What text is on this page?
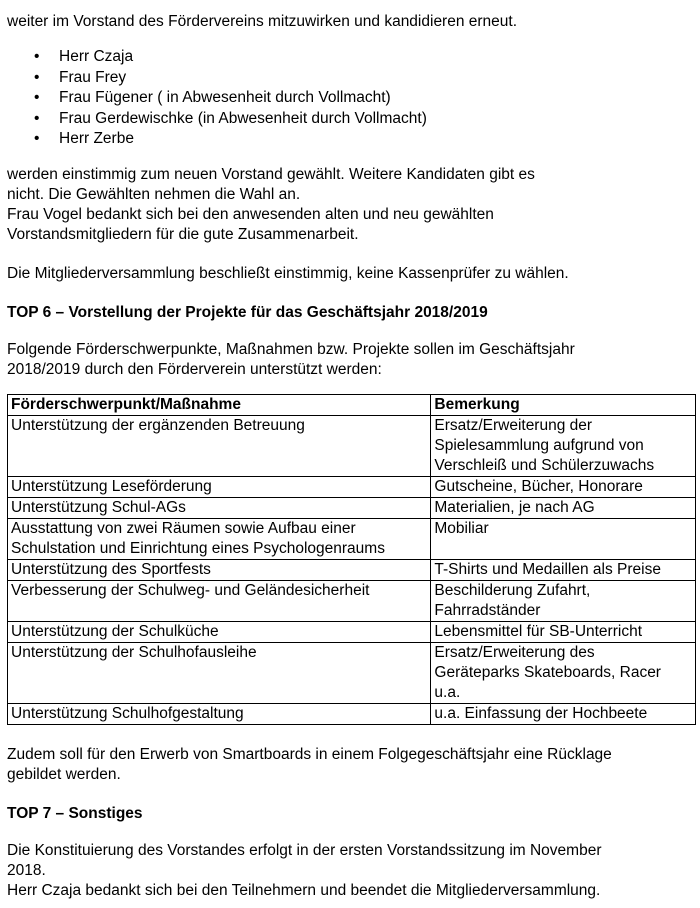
weiter im Vorstand des Fördervereins mitzuwirken und kandidieren erneut.

• Herr Czaja
• Frau Frey
• Frau Fügener ( in Abwesenheit durch Vollmacht)
• Frau Gerdewischke (in Abwesenheit durch Vollmacht)
• Herr Zerbe

werden einstimmig zum neuen Vorstand gewählt. Weitere Kandidaten gibt es

nicht. Die Gewählten nehmen die Wahl an.

Frau Vogel bedankt sich bei den anwesenden alten und neu gewählten

Vorstandsmitgliedern für die gute Zusammenarbeit.

Die Mitgliederversammlung beschließt einstimmig, keine Kassenprüfer zu wählen.

TOP 6 – Vorstellung der Projekte für das Geschäftsjahr 2018/2019

Folgende Förderschwerpunkte, Maßnahmen bzw. Projekte sollen im Geschäftsjahr

2018/2019 durch den Förderverein unterstützt werden:

Förderschwerpunkt/Maßnahme	Bemerkung

Unterstützung der ergänzenden Betreuung	Ersatz/Erweiterung der
Spielesammlung aufgrund von
Verschleiß und Schülerzuwachs

Unterstützung Leseförderung	Gutscheine, Bücher, Honorare

Unterstützung Schul-AGs	Materialien, je nach AG

Ausstattung von zwei Räumen sowie Aufbau einer
Schulstation und Einrichtung eines Psychologenraums	Mobiliar

Unterstützung des Sportfests	T-Shirts und Medaillen als Preise

Verbesserung der Schulweg- und Geländesicherheit	Beschilderung Zufahrt,
Fahrradständer

Unterstützung der Schulküche	Lebensmittel für SB-Unterricht

Unterstützung der Schulhofausleihe	Ersatz/Erweiterung des
Geräteparks Skateboards, Racer
u.a.

Unterstützung Schulhofgestaltung	u.a. Einfassung der Hochbeete

Zudem soll für den Erwerb von Smartboards in einem Folgegeschäftsjahr eine Rücklage

gebildet werden.

TOP 7 – Sonstiges

Die Konstituierung des Vorstandes erfolgt in der ersten Vorstandssitzung im November

2018.

Herr Czaja bedankt sich bei den Teilnehmern und beendet die Mitgliederversammlung.
